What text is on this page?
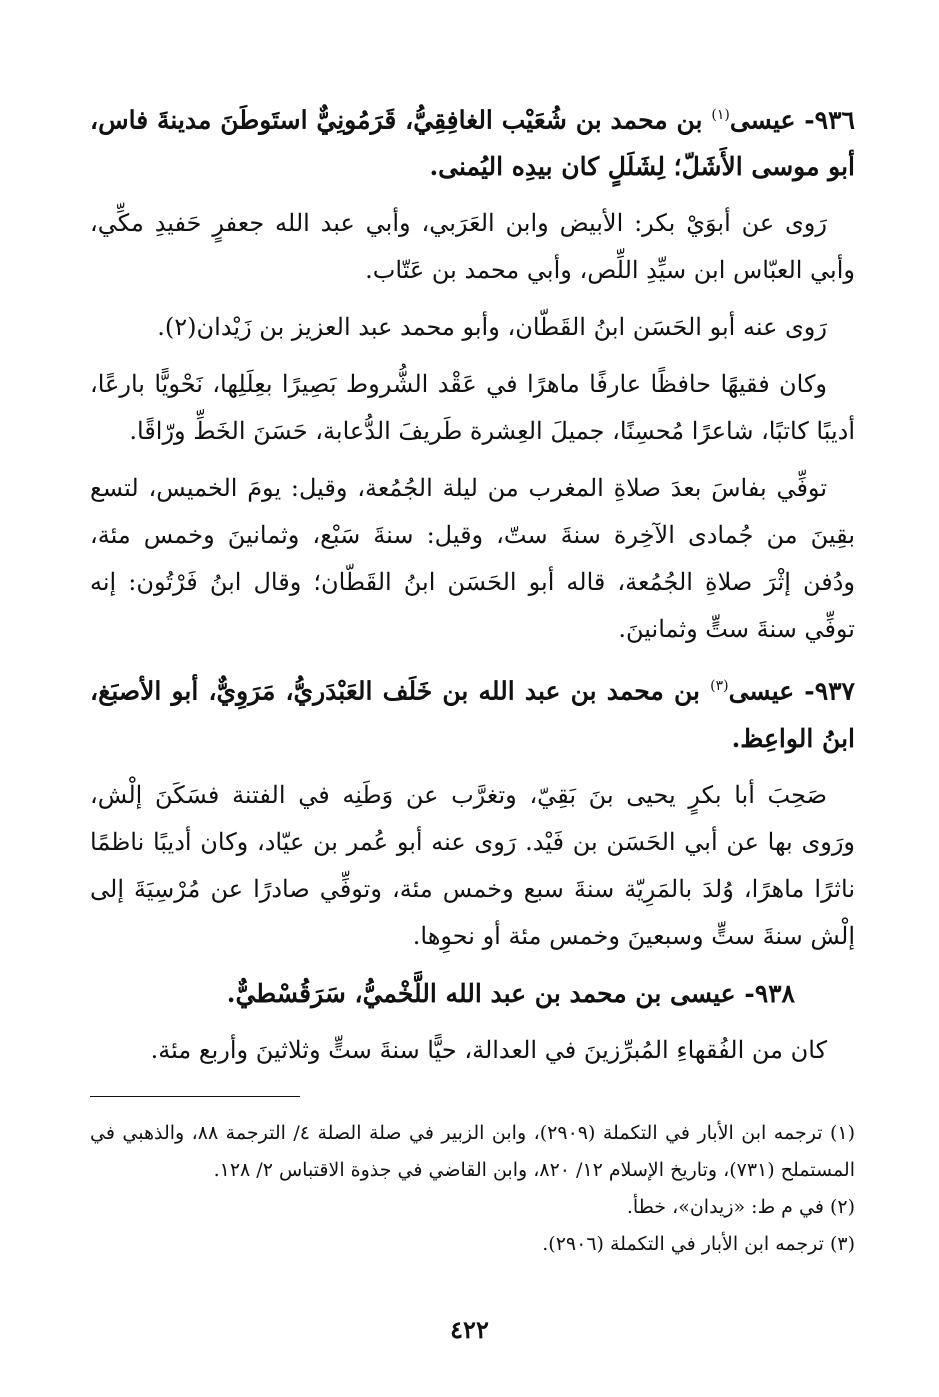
٩٣٦- عيسى$^{(١)}$ بن محمد بن شُعَيْب الغافِقِيُّ، قَرَمُونِيٌّ استَوطَنَ مدينةَ فاس، أبو موسى الأَشَلّ؛ لِشَلَلٍ كان بيدِه اليُمنى.

رَوى عن أبوَيْ بكر: الأبيض وابن العَرَبي، وأبي عبد الله جعفرٍ حَفيدِ مكِّي، وأبي العبّاس ابن سيِّدِ اللِّص، وأبي محمد بن عَتّاب.

رَوى عنه أبو الحَسَن ابنُ القَطّان، وأبو محمد عبد العزيز بن زَيْدان(٢).

وكان فقيهًا حافظًا عارفًا ماهرًا في عَقْد الشُّروط بَصِيرًا بعِلَلِها، نَحْويًّا بارعًا، أديبًا كاتبًا، شاعرًا مُحسِنًا، جميلَ العِشرة طَريفَ الدُّعابة، حَسَنَ الخَطِّ ورّاقًا.

توفِّي بفاسَ بعدَ صلاةِ المغرب من ليلة الجُمُعة، وقيل: يومَ الخميس، لتسع بقِينَ من جُمادى الآخِرة سنةَ ستّ، وقيل: سنةَ سَبْع، وثمانينَ وخمس مئة، ودُفن إثْرَ صلاةِ الجُمُعة، قاله أبو الحَسَن ابنُ القَطّان؛ وقال ابنُ فَرْتُون: إنه توفِّي سنةَ ستٍّ وثمانينَ.

٩٣٧- عيسى$^{(٣)}$ بن محمد بن عبد الله بن خَلَف العَبْدَريُّ، مَرَوِيٌّ، أبو الأصبَغ، ابنُ الواعِظ.

صَحِبَ أبا بكرٍ يحيى بنَ بَقِيّ، وتغرَّب عن وَطَنِه في الفتنة فسَكَنَ إلْش، ورَوى بها عن أبي الحَسَن بن فَيْد. رَوى عنه أبو عُمر بن عيّاد، وكان أديبًا ناظمًا ناثرًا ماهرًا، وُلدَ بالمَرِيّة سنةَ سبع وخمس مئة، وتوفِّي صادرًا عن مُرْسِيَةَ إلى إلْش سنةَ ستٍّ وسبعينَ وخمس مئة أو نحوِها.

٩٣٨- عيسى بن محمد بن عبد الله اللَّخْميُّ، سَرَقُسْطيٌّ.

كان من الفُقهاءِ المُبرِّزينَ في العدالة، حيًّا سنةَ ستٍّ وثلاثينَ وأربع مئة.

(١) ترجمه ابن الأبار في التكملة (٢٩٠٩)، وابن الزبير في صلة الصلة ٤/ الترجمة ٨٨، والذهبي في المستملح (٧٣١)، وتاريخ الإسلام ١٢/ ٨٢٠، وابن القاضي في جذوة الاقتباس ٢/ ١٢٨.

(٢) في م ط: «زيدان»، خطأ.

(٣) ترجمه ابن الأبار في التكملة (٢٩٠٦).

٤٢٢
